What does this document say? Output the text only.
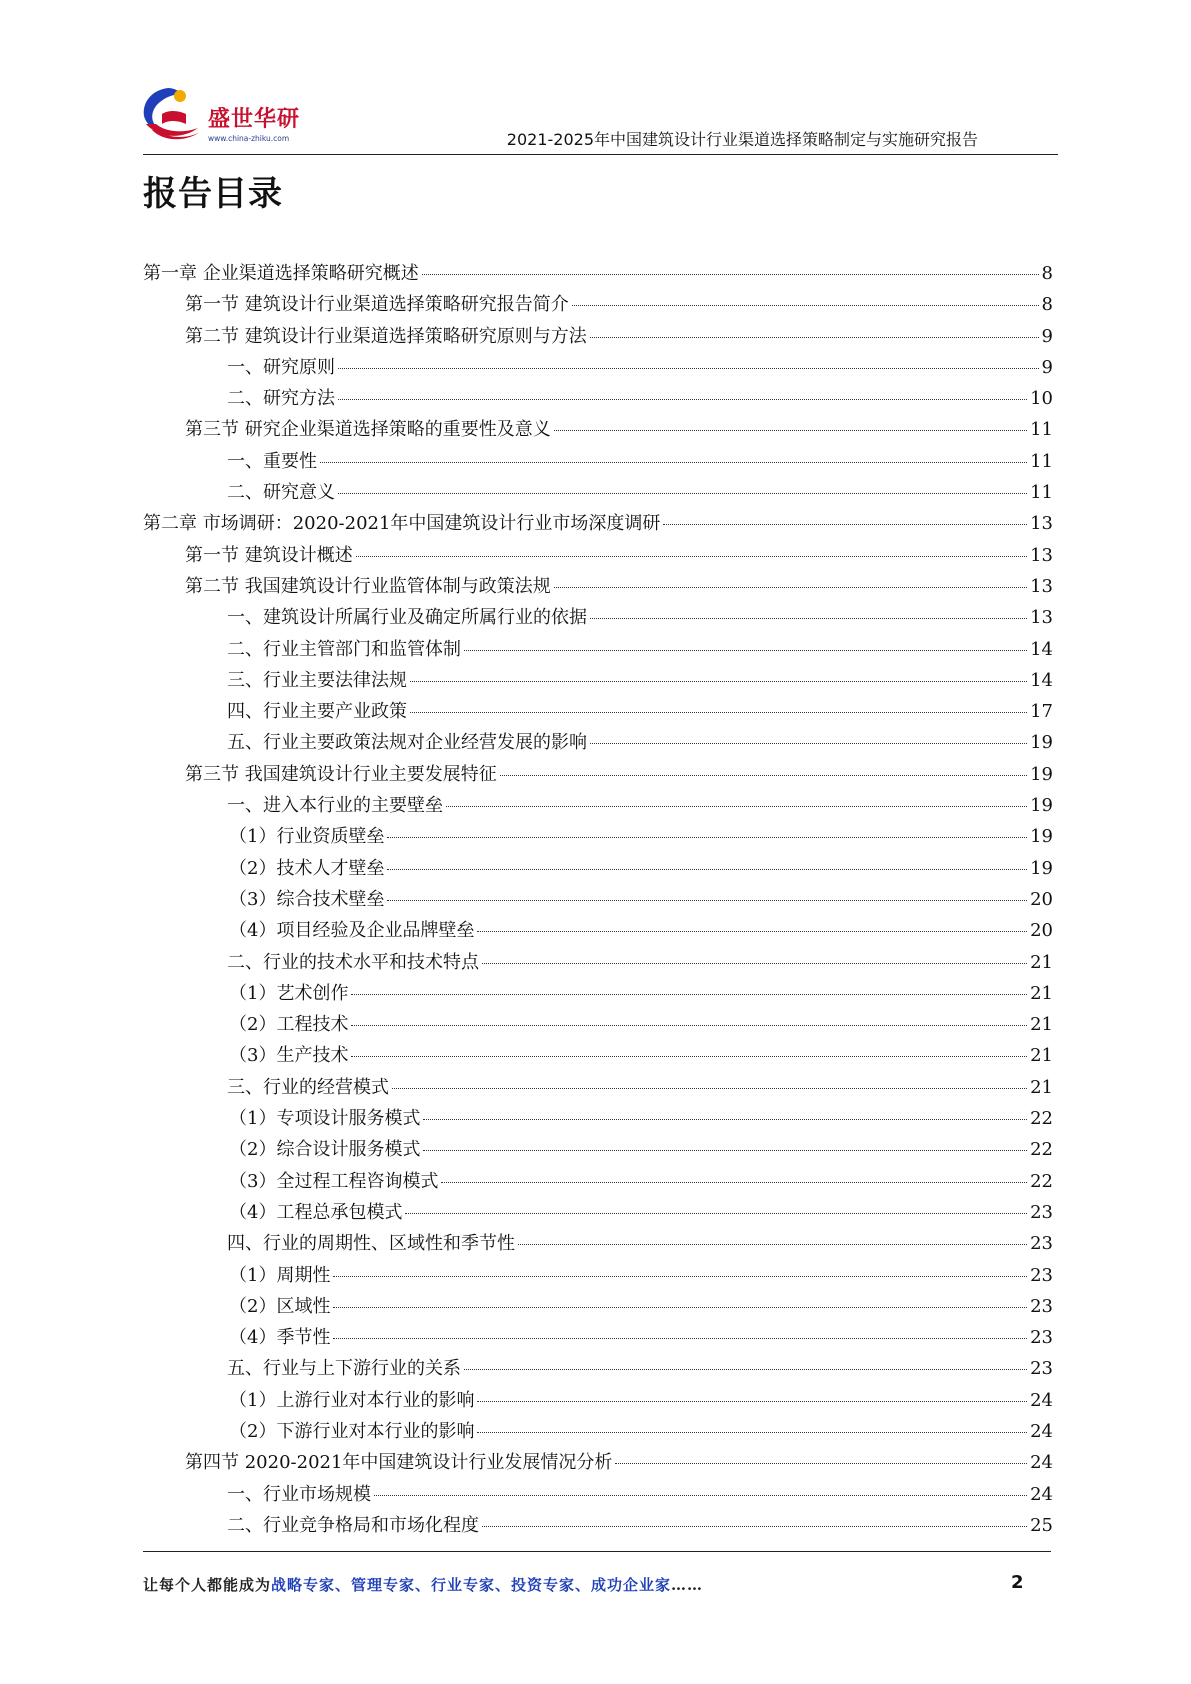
盛世华研
www.china-zhiku.com	2021-2025年中国建筑设计行业渠道选择策略制定与实施研究报告
报告目录
第一章 企业渠道选择策略研究概述	8
第一节 建筑设计行业渠道选择策略研究报告简介	8
第二节 建筑设计行业渠道选择策略研究原则与方法	9
一、研究原则	9
二、研究方法	10
第三节 研究企业渠道选择策略的重要性及意义	11
一、重要性	11
二、研究意义	11
第二章 市场调研：2020-2021年中国建筑设计行业市场深度调研	13
第一节 建筑设计概述	13
第二节 我国建筑设计行业监管体制与政策法规	13
一、建筑设计所属行业及确定所属行业的依据	13
二、行业主管部门和监管体制	14
三、行业主要法律法规	14
四、行业主要产业政策	17
五、行业主要政策法规对企业经营发展的影响	19
第三节 我国建筑设计行业主要发展特征	19
一、进入本行业的主要壁垒	19
（1）行业资质壁垒	19
（2）技术人才壁垒	19
（3）综合技术壁垒	20
（4）项目经验及企业品牌壁垒	20
二、行业的技术水平和技术特点	21
（1）艺术创作	21
（2）工程技术	21
（3）生产技术	21
三、行业的经营模式	21
（1）专项设计服务模式	22
（2）综合设计服务模式	22
（3）全过程工程咨询模式	22
（4）工程总承包模式	23
四、行业的周期性、区域性和季节性	23
（1）周期性	23
（2）区域性	23
（4）季节性	23
五、行业与上下游行业的关系	23
（1）上游行业对本行业的影响	24
（2）下游行业对本行业的影响	24
第四节 2020-2021年中国建筑设计行业发展情况分析	24
一、行业市场规模	24
二、行业竞争格局和市场化程度	25
让每个人都能成为战略专家、管理专家、行业专家、投资专家、成功企业家……	2
